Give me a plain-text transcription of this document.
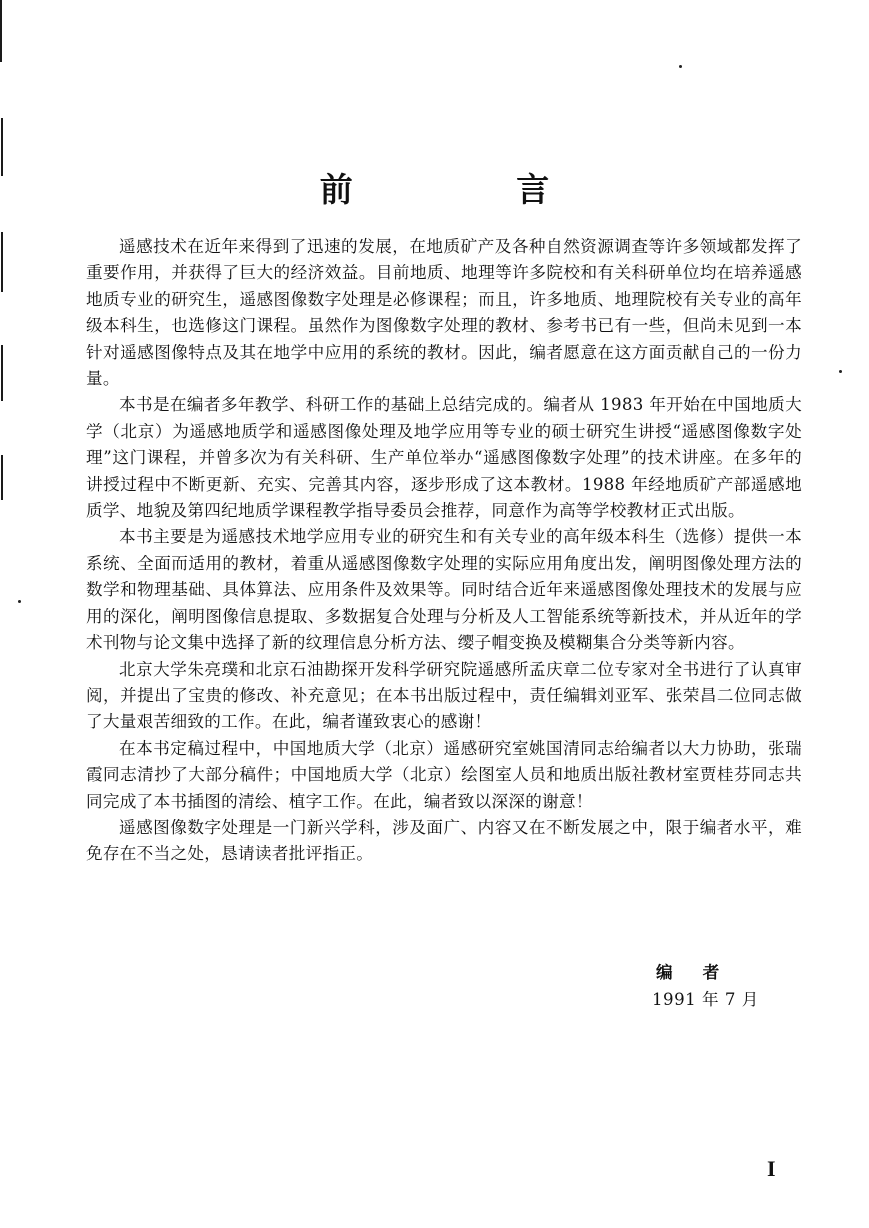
前 言

遥感技术在近年来得到了迅速的发展，在地质矿产及各种自然资源调查等许多领域都发挥了重要作用，并获得了巨大的经济效益。目前地质、地理等许多院校和有关科研单位均在培养遥感地质专业的研究生，遥感图像数字处理是必修课程；而且，许多地质、地理院校有关专业的高年级本科生，也选修这门课程。虽然作为图像数字处理的教材、参考书已有一些，但尚未见到一本针对遥感图像特点及其在地学中应用的系统的教材。因此，编者愿意在这方面贡献自己的一份力量。

本书是在编者多年教学、科研工作的基础上总结完成的。编者从 1983 年开始在中国地质大学（北京）为遥感地质学和遥感图像处理及地学应用等专业的硕士研究生讲授“遥感图像数字处理”这门课程，并曾多次为有关科研、生产单位举办“遥感图像数字处理”的技术讲座。在多年的讲授过程中不断更新、充实、完善其内容，逐步形成了这本教材。1988 年经地质矿产部遥感地质学、地貌及第四纪地质学课程教学指导委员会推荐，同意作为高等学校教材正式出版。

本书主要是为遥感技术地学应用专业的研究生和有关专业的高年级本科生（选修）提供一本系统、全面而适用的教材，着重从遥感图像数字处理的实际应用角度出发，阐明图像处理方法的数学和物理基础、具体算法、应用条件及效果等。同时结合近年来遥感图像处理技术的发展与应用的深化，阐明图像信息提取、多数据复合处理与分析及人工智能系统等新技术，并从近年的学术刊物与论文集中选择了新的纹理信息分析方法、缨子帽变换及模糊集合分类等新内容。

北京大学朱亮璞和北京石油勘探开发科学研究院遥感所孟庆章二位专家对全书进行了认真审阅，并提出了宝贵的修改、补充意见；在本书出版过程中，责任编辑刘亚军、张荣昌二位同志做了大量艰苦细致的工作。在此，编者谨致衷心的感谢！

在本书定稿过程中，中国地质大学（北京）遥感研究室姚国清同志给编者以大力协助，张瑞霞同志清抄了大部分稿件；中国地质大学（北京）绘图室人员和地质出版社教材室贾桂芬同志共同完成了本书插图的清绘、植字工作。在此，编者致以深深的谢意！

遥感图像数字处理是一门新兴学科，涉及面广、内容又在不断发展之中，限于编者水平，难免存在不当之处，恳请读者批评指正。

编者
1991 年 7 月
I
